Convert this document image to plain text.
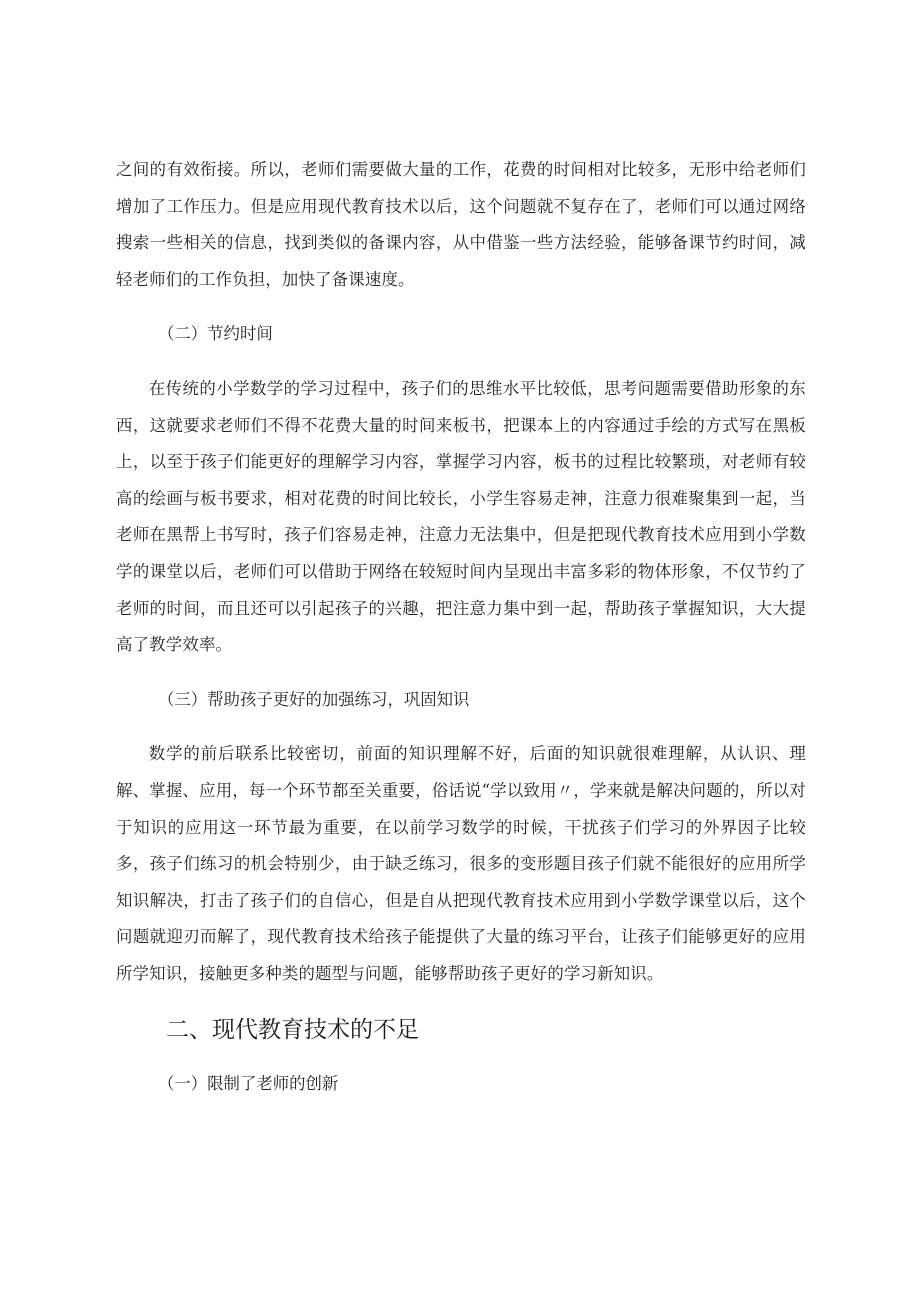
之间的有效衔接。所以，老师们需要做大量的工作，花费的时间相对比较多，无形中给老师们增加了工作压力。但是应用现代教育技术以后，这个问题就不复存在了，老师们可以通过网络搜索一些相关的信息，找到类似的备课内容，从中借鉴一些方法经验，能够备课节约时间，减轻老师们的工作负担，加快了备课速度。

（二）节约时间

在传统的小学数学的学习过程中，孩子们的思维水平比较低，思考问题需要借助形象的东西，这就要求老师们不得不花费大量的时间来板书，把课本上的内容通过手绘的方式写在黑板上，以至于孩子们能更好的理解学习内容，掌握学习内容，板书的过程比较繁琐，对老师有较高的绘画与板书要求，相对花费的时间比较长，小学生容易走神，注意力很难聚集到一起，当老师在黑帮上书写时，孩子们容易走神，注意力无法集中，但是把现代教育技术应用到小学数学的课堂以后，老师们可以借助于网络在较短时间内呈现出丰富多彩的物体形象，不仅节约了老师的时间，而且还可以引起孩子的兴趣，把注意力集中到一起，帮助孩子掌握知识，大大提高了教学效率。

（三）帮助孩子更好的加强练习，巩固知识

数学的前后联系比较密切，前面的知识理解不好，后面的知识就很难理解，从认识、理解、掌握、应用，每一个环节都至关重要，俗话说“学以致用〃，学来就是解决问题的，所以对于知识的应用这一环节最为重要，在以前学习数学的时候，干扰孩子们学习的外界因子比较多，孩子们练习的机会特别少，由于缺乏练习，很多的变形题目孩子们就不能很好的应用所学知识解决，打击了孩子们的自信心，但是自从把现代教育技术应用到小学数学课堂以后，这个问题就迎刃而解了，现代教育技术给孩子能提供了大量的练习平台，让孩子们能够更好的应用所学知识，接触更多种类的题型与问题，能够帮助孩子更好的学习新知识。

二、现代教育技术的不足

（一）限制了老师的创新
